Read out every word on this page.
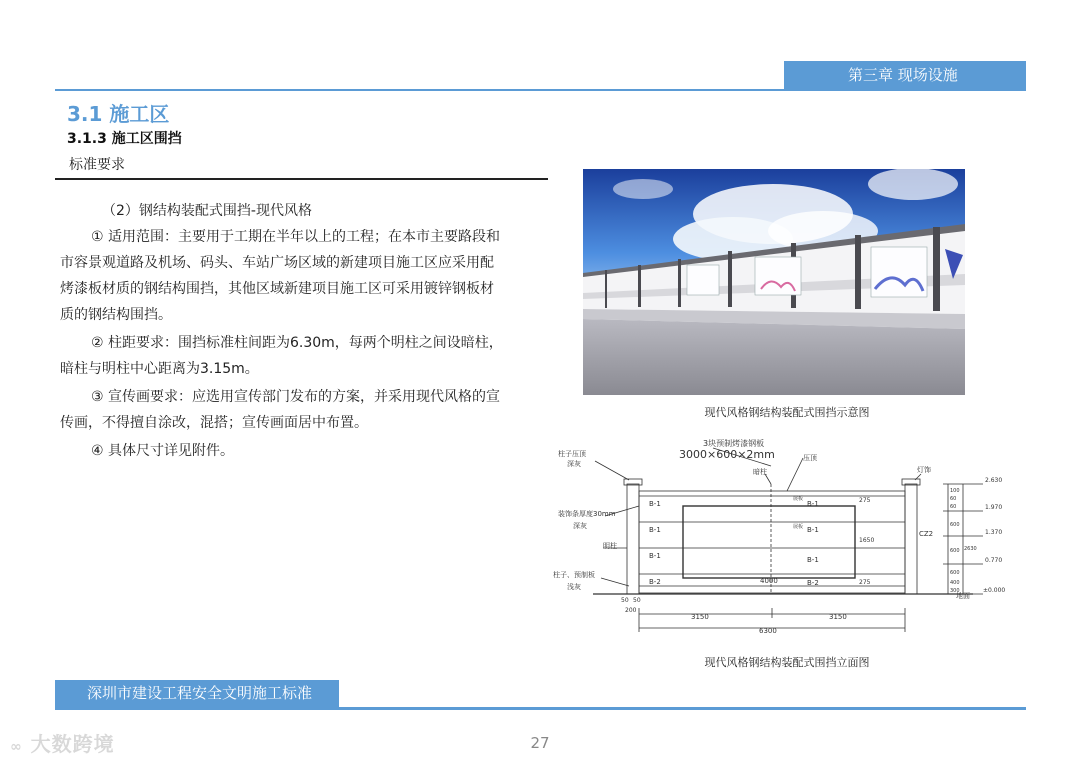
第三章 现场设施
3.1 施工区
3.1.3 施工区围挡
标准要求
（2）钢结构装配式围挡-现代风格
① 适用范围：主要用于工期在半年以上的工程；在本市主要路段和市容景观道路及机场、码头、车站广场区域的新建项目施工区应采用配烤漆板材质的钢结构围挡，其他区域新建项目施工区可采用镀锌钢板材质的钢结构围挡。
② 柱距要求：围挡标准柱间距为6.30m，每两个明柱之间设暗柱，暗柱与明柱中心距离为3.15m。
③ 宣传画要求：应选用宣传部门发布的方案，并采用现代风格的宣传画，不得擅自涂改，混搭；宣传画面居中布置。
④ 具体尺寸详见附件。
现代风格钢结构装配式围挡示意图
柱子压顶
深灰
装饰条厚度30mm
深灰
明柱
柱子、预制板
浅灰
3块预制烤漆钢板
3000×600×2mm
暗柱
压顶
灯饰
地面
CZ2
B-1
B-1
B-1
B-2
B-1
B-1
B-1
B-2
展板
展板
275
1650
275
4000
50 50
200
3150	3150
6300
100
60
60
600
600
600
400
300
2630
2.630
1.970
1.370
0.770
±0.000
现代风格钢结构装配式围挡立面图
深圳市建设工程安全文明施工标准
27
∞ 大数跨境
